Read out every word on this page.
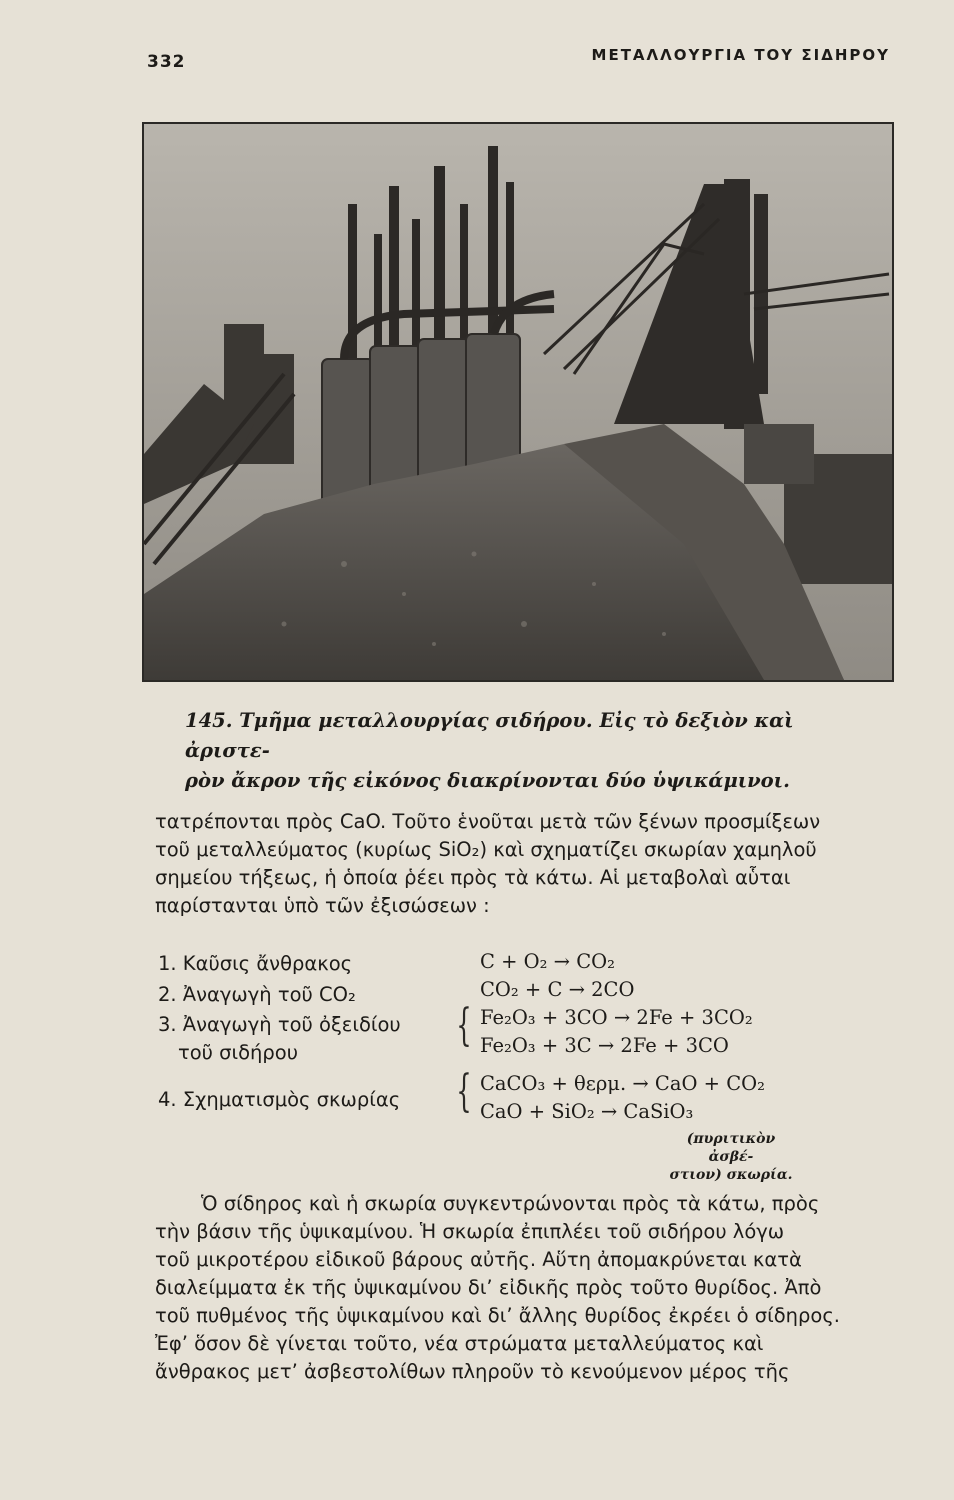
332	ΜΕΤΑΛΛΟΥΡΓΙΑ ΤΟΥ ΣΙΔΗΡΟΥ
145. Τμῆμα μεταλλουργίας σιδήρου. Εἰς τὸ δεξιὸν καὶ ἀριστε-
ρὸν ἄκρον τῆς εἰκόνος διακρίνονται δύο ὑψικάμινοι.
τατρέπονται πρὸς CaO. Τοῦτο ἑνοῦται μετὰ τῶν ξένων προσμίξεων
τοῦ μεταλλεύματος (κυρίως SiO₂) καὶ σχηματίζει σκωρίαν χαμηλοῦ
σημείου τήξεως, ἡ ὁποία ῥέει πρὸς τὰ κάτω. Αἱ μεταβολαὶ αὗται
παρίστανται ὑπὸ τῶν ἐξισώσεων :
1. Καῦσις ἄνθρακος	C + O₂ → CO₂
2. Ἀναγωγὴ τοῦ CO₂	CO₂ + C → 2CO
3. Ἀναγωγὴ τοῦ ὀξειδίου
τοῦ σιδήρου
{ Fe₂O₃ + 3CO → 2Fe + 3CO₂
Fe₂O₃ + 3C → 2Fe + 3CO
4. Σχηματισμὸς σκωρίας { CaCO₃ + θερμ. → CaO + CO₂
CaO + SiO₂ → CaSiO₃
(πυριτικὸν ἀσβέ-
στιον) σκωρία.
Ὁ σίδηρος καὶ ἡ σκωρία συγκεντρώνονται πρὸς τὰ κάτω, πρὸς
τὴν βάσιν τῆς ὑψικαμίνου. Ἡ σκωρία ἐπιπλέει τοῦ σιδήρου λόγω
τοῦ μικροτέρου εἰδικοῦ βάρους αὐτῆς. Αὕτη ἀπομακρύνεται κατὰ
διαλείμματα ἐκ τῆς ὑψικαμίνου δι’ εἰδικῆς πρὸς τοῦτο θυρίδος. Ἀπὸ
τοῦ πυθμένος τῆς ὑψικαμίνου καὶ δι’ ἄλλης θυρίδος ἐκρέει ὁ σίδηρος.
Ἐφ’ ὅσον δὲ γίνεται τοῦτο, νέα στρώματα μεταλλεύματος καὶ
ἄνθρακος μετ’ ἀσβεστολίθων πληροῦν τὸ κενούμενον μέρος τῆς
